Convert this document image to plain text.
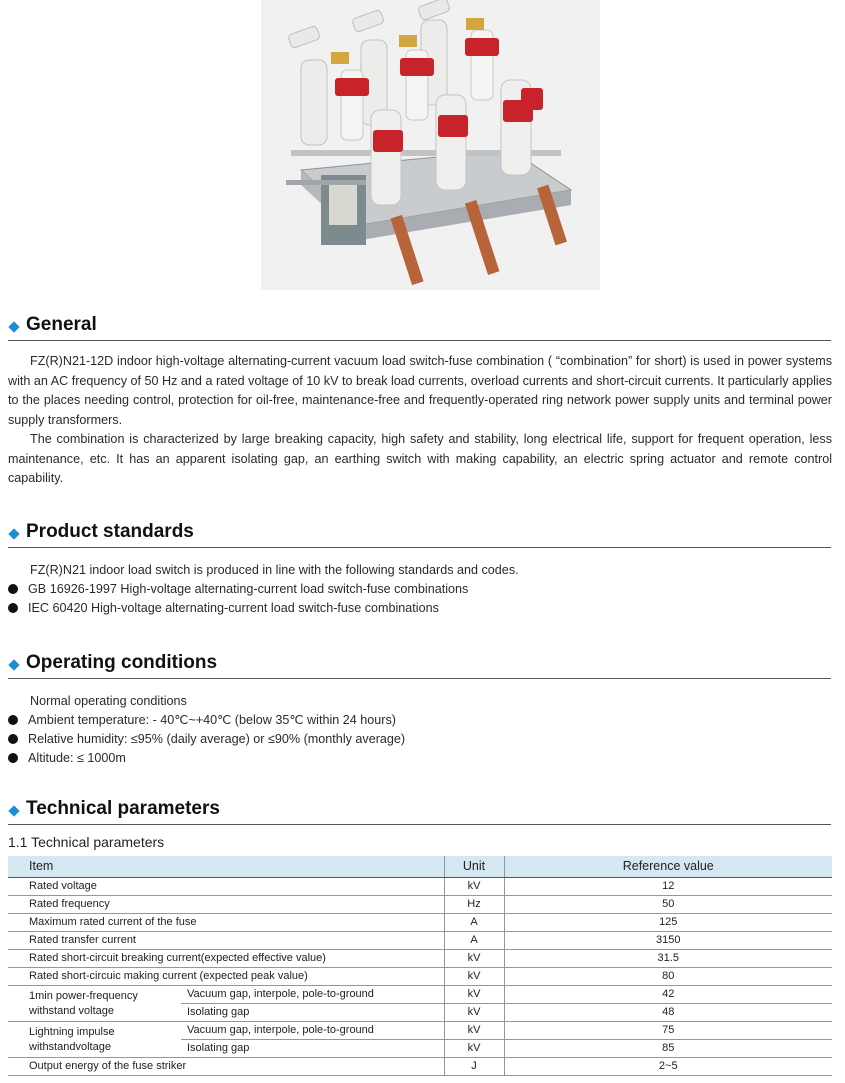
General
FZ(R)N21-12D indoor high-voltage alternating-current vacuum load switch-fuse combination ( “combination” for short) is used in power systems with an AC frequency of 50 Hz and a rated voltage of 10 kV to break load currents, overload currents and short-circuit currents. It particularly applies to the places needing control, protection for oil-free, maintenance-free and frequently-operated ring network power supply units and terminal power supply transformers.
The combination is characterized by large breaking capacity, high safety and stability, long electrical life, support for frequent operation, less maintenance, etc. It has an apparent isolating gap, an earthing switch with making capability, an electric spring actuator and remote control capability.
Product standards
FZ(R)N21 indoor load switch is produced in line with the following standards and codes.
GB 16926-1997 High-voltage alternating-current load switch-fuse combinations
IEC 60420 High-voltage alternating-current load switch-fuse combinations
Operating conditions
Normal operating conditions
Ambient temperature: - 40℃~+40℃ (below 35℃ within 24 hours)
Relative humidity: ≤95% (daily average) or ≤90% (monthly average)
Altitude: ≤ 1000m
Technical parameters
1.1 Technical parameters
Item		Unit	Reference value
Rated voltage		kV	12
Rated frequency		Hz	50
Maximum rated current of the fuse		A	125
Rated transfer current		A	3150
Rated short-circuit breaking current(expected effective value)		kV	31.5
Rated short-circuic making current (expected peak value)		kV	80
1min power-frequency
withstand voltage	Vacuum gap, interpole, pole-to-ground	kV	42
	Isolating gap	kV	48
Lightning impulse
withstandvoltage	Vacuum gap, interpole, pole-to-ground	kV	75
	Isolating gap	kV	85
Output energy of the fuse striker		J	2~5
